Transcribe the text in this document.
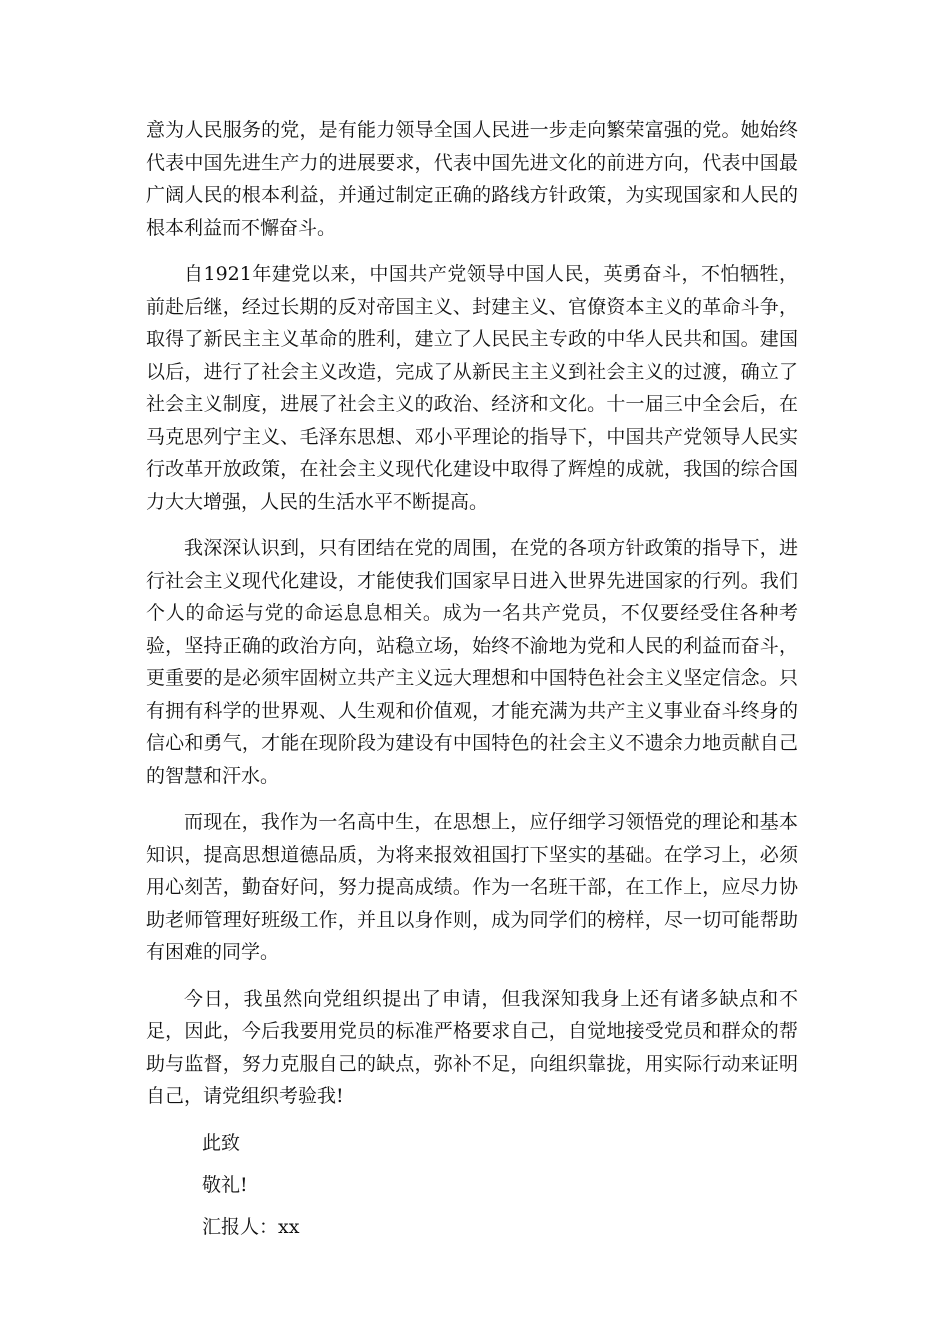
意为人民服务的党，是有能力领导全国人民进一步走向繁荣富强的党。她始终代表中国先进生产力的进展要求，代表中国先进文化的前进方向，代表中国最广阔人民的根本利益，并通过制定正确的路线方针政策，为实现国家和人民的根本利益而不懈奋斗。

自1921年建党以来，中国共产党领导中国人民，英勇奋斗，不怕牺牲，前赴后继，经过长期的反对帝国主义、封建主义、官僚资本主义的革命斗争，取得了新民主主义革命的胜利，建立了人民民主专政的中华人民共和国。建国以后，进行了社会主义改造，完成了从新民主主义到社会主义的过渡，确立了社会主义制度，进展了社会主义的政治、经济和文化。十一届三中全会后，在马克思列宁主义、毛泽东思想、邓小平理论的指导下，中国共产党领导人民实行改革开放政策，在社会主义现代化建设中取得了辉煌的成就，我国的综合国力大大增强，人民的生活水平不断提高。

我深深认识到，只有团结在党的周围，在党的各项方针政策的指导下，进行社会主义现代化建设，才能使我们国家早日进入世界先进国家的行列。我们个人的命运与党的命运息息相关。成为一名共产党员，不仅要经受住各种考验，坚持正确的政治方向，站稳立场，始终不渝地为党和人民的利益而奋斗，更重要的是必须牢固树立共产主义远大理想和中国特色社会主义坚定信念。只有拥有科学的世界观、人生观和价值观，才能充满为共产主义事业奋斗终身的信心和勇气，才能在现阶段为建设有中国特色的社会主义不遗余力地贡献自己的智慧和汗水。

而现在，我作为一名高中生，在思想上，应仔细学习领悟党的理论和基本知识，提高思想道德品质，为将来报效祖国打下坚实的基础。在学习上，必须用心刻苦，勤奋好问，努力提高成绩。作为一名班干部，在工作上，应尽力协助老师管理好班级工作，并且以身作则，成为同学们的榜样，尽一切可能帮助有困难的同学。

今日，我虽然向党组织提出了申请，但我深知我身上还有诸多缺点和不足，因此，今后我要用党员的标准严格要求自己，自觉地接受党员和群众的帮助与监督，努力克服自己的缺点，弥补不足，向组织靠拢，用实际行动来证明自己，请党组织考验我!

此致
敬礼!
汇报人：xx
